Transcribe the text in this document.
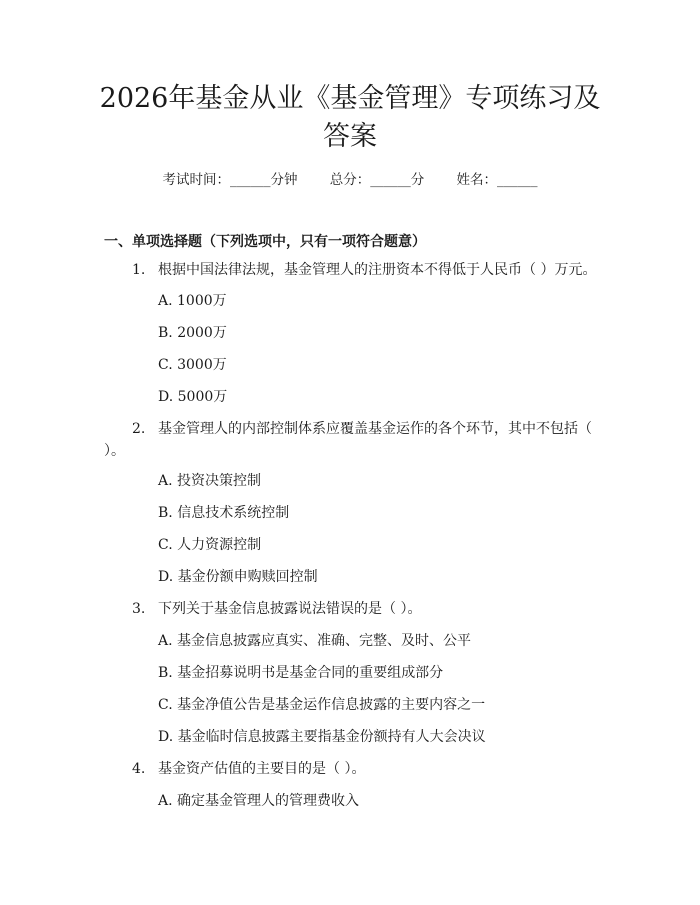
2026年基金从业《基金管理》专项练习及答案
考试时间：______分钟 总分：______分 姓名：______

一、单项选择题（下列选项中，只有一项符合题意）

1. 根据中国法律法规，基金管理人的注册资本不得低于人民币（ ）万元。

A. 1000万

B. 2000万

C. 3000万

D. 5000万

2. 基金管理人的内部控制体系应覆盖基金运作的各个环节，其中不包括（ ）。

A. 投资决策控制

B. 信息技术系统控制

C. 人力资源控制

D. 基金份额申购赎回控制

3. 下列关于基金信息披露说法错误的是（ ）。

A. 基金信息披露应真实、准确、完整、及时、公平

B. 基金招募说明书是基金合同的重要组成部分

C. 基金净值公告是基金运作信息披露的主要内容之一

D. 基金临时信息披露主要指基金份额持有人大会决议

4. 基金资产估值的主要目的是（ ）。

A. 确定基金管理人的管理费收入
